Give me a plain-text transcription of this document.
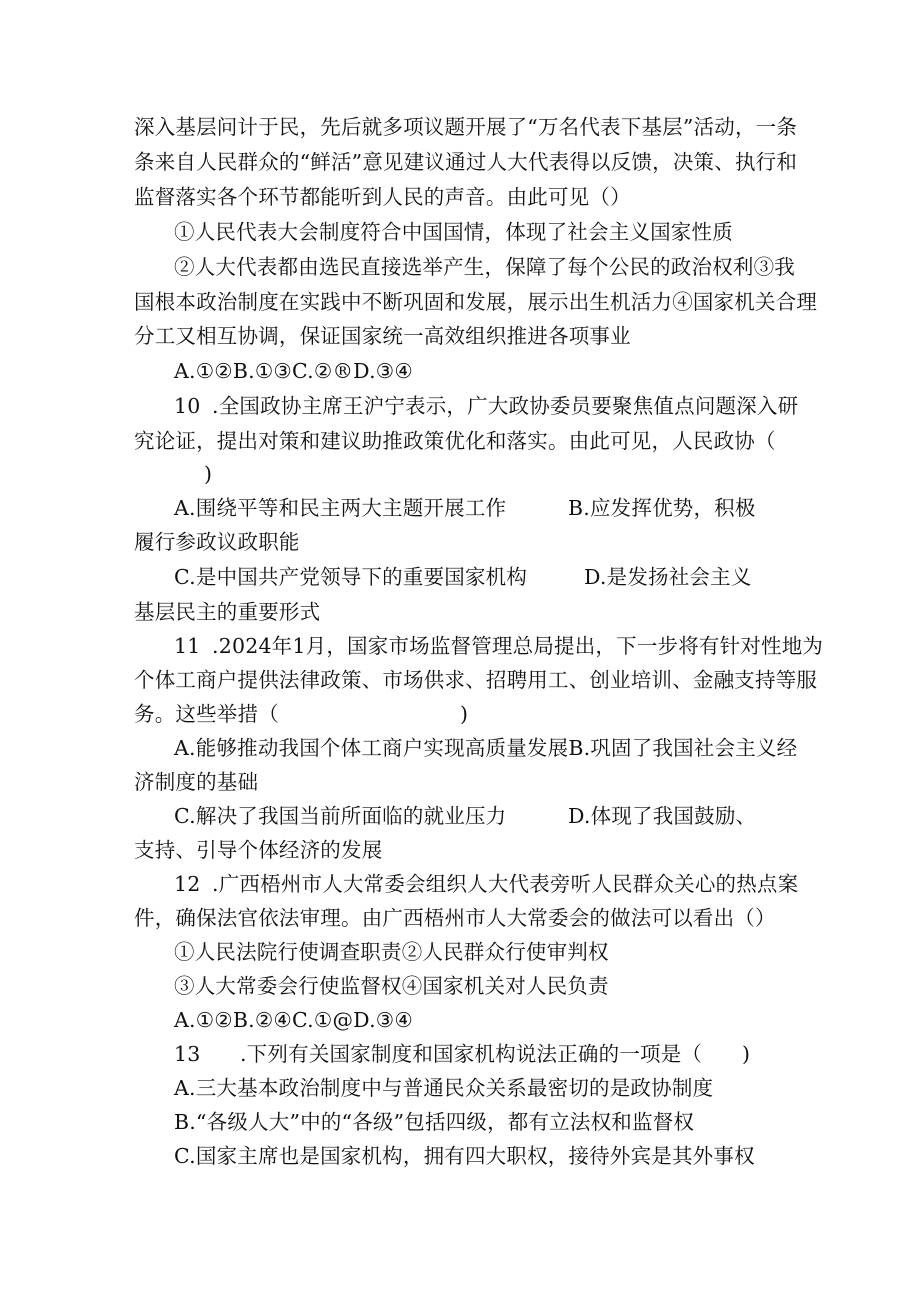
深入基层问计于民，先后就多项议题开展了“万名代表下基层”活动，一条
条来自人民群众的“鲜活”意见建议通过人大代表得以反馈，决策、执行和
监督落实各个环节都能听到人民的声音。由此可见（）
①人民代表大会制度符合中国国情，体现了社会主义国家性质
②人大代表都由选民直接选举产生，保障了每个公民的政治权利③我
国根本政治制度在实践中不断巩固和发展，展示出生机活力④国家机关合理
分工又相互协调，保证国家统一高效组织推进各项事业
A.①②B.①③C.②®D.③④
10 .全国政协主席王沪宁表示，广大政协委员要聚焦值点问题深入研
究论证，提出对策和建议助推政策优化和落实。由此可见，人民政协（
)
A.围绕平等和民主两大主题开展工作	B.应发挥优势，积极
履行参政议政职能
C.是中国共产党领导下的重要国家机构	D.是发扬社会主义
基层民主的重要形式
11 .2024年1月，国家市场监督管理总局提出，下一步将有针对性地为
个体工商户提供法律政策、市场供求、招聘用工、创业培训、金融支持等服
务。这些举措（	)
A.能够推动我国个体工商户实现高质量发展B.巩固了我国社会主义经
济制度的基础
C.解决了我国当前所面临的就业压力	D.体现了我国鼓励、
支持、引导个体经济的发展
12 .广西梧州市人大常委会组织人大代表旁听人民群众关心的热点案
件，确保法官依法审理。由广西梧州市人大常委会的做法可以看出（）
①人民法院行使调查职责②人民群众行使审判权
③人大常委会行使监督权④国家机关对人民负责
A.①②B.②④C.①@D.③④
13 .下列有关国家制度和国家机构说法正确的一项是（ )
A.三大基本政治制度中与普通民众关系最密切的是政协制度
B.“各级人大”中的“各级”包括四级，都有立法权和监督权
C.国家主席也是国家机构，拥有四大职权，接待外宾是其外事权
